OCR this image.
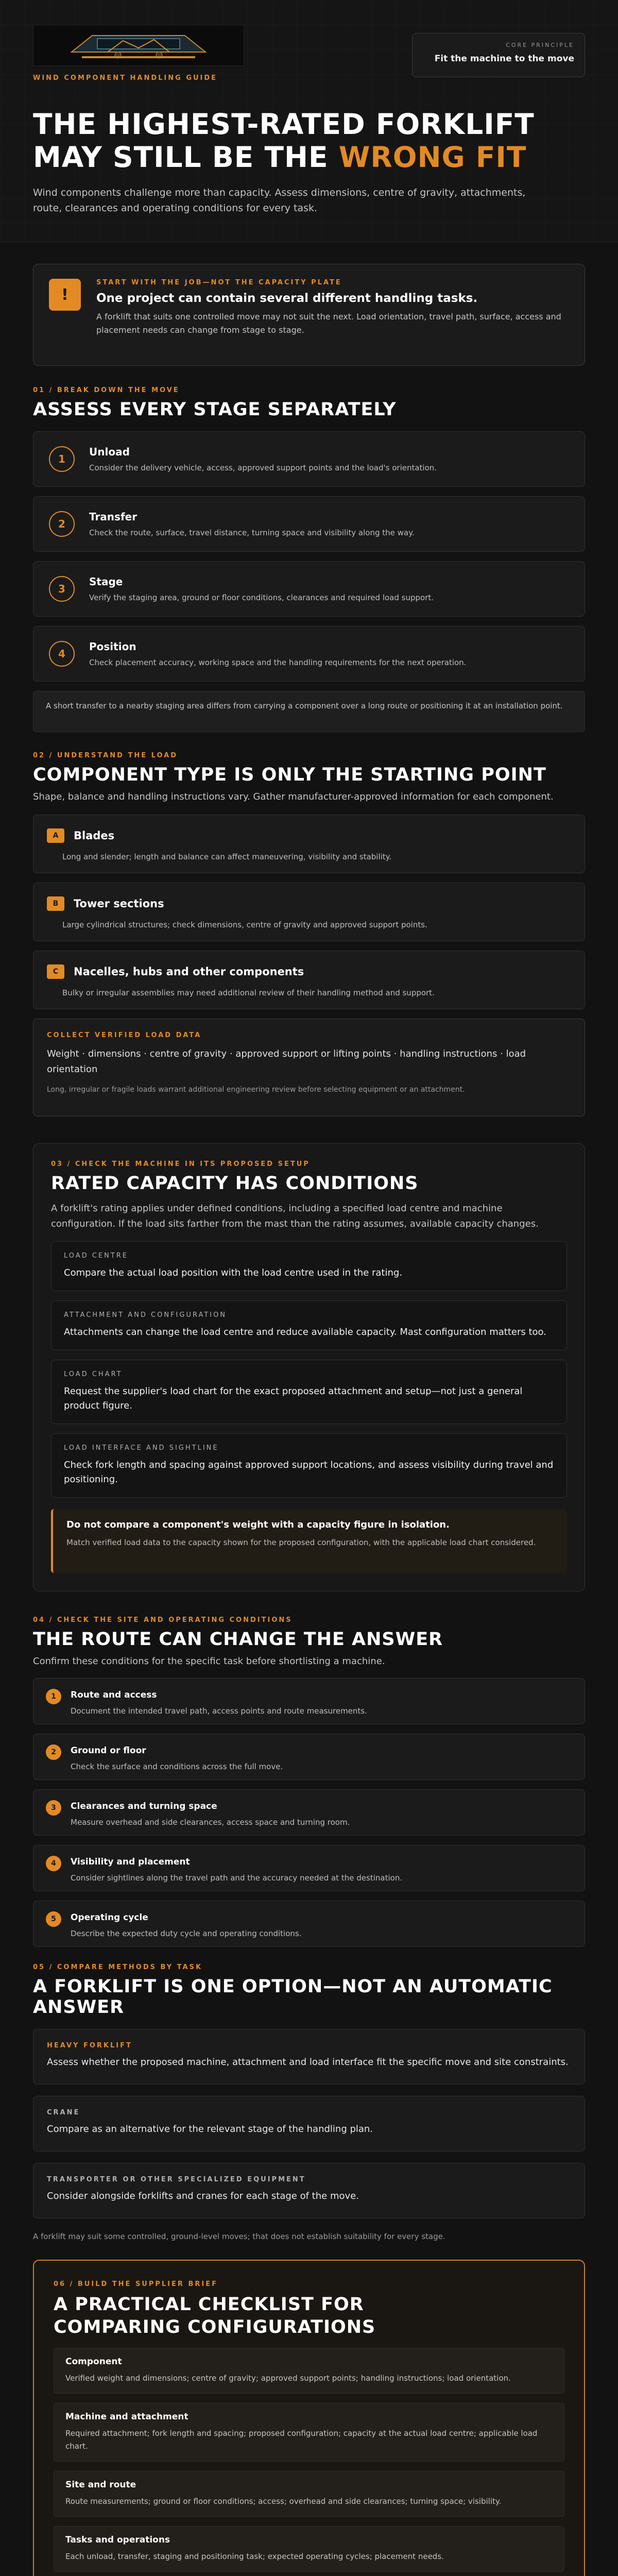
WIND COMPONENT HANDLING GUIDE
CORE PRINCIPLE
Fit the machine to the move
THE HIGHEST-RATED FORKLIFT
MAY STILL BE THE WRONG FIT

Wind components challenge more than capacity. Assess dimensions, centre of gravity, attachments, route, clearances and operating conditions for every task.

!
START WITH THE JOB—NOT THE CAPACITY PLATE
One project can contain several different handling tasks.
A forklift that suits one controlled move may not suit the next. Load orientation, travel path, surface, access and placement needs can change from stage to stage.
01 / BREAK DOWN THE MOVE
ASSESS EVERY STAGE SEPARATELY
1
Unload
Consider the delivery vehicle, access, approved support points and the load's orientation.
2
Transfer
Check the route, surface, travel distance, turning space and visibility along the way.
3
Stage
Verify the staging area, ground or floor conditions, clearances and required load support.
4
Position
Check placement accuracy, working space and the handling requirements for the next operation.
A short transfer to a nearby staging area differs from carrying a component over a long route or positioning it at an installation point.
02 / UNDERSTAND THE LOAD
COMPONENT TYPE IS ONLY THE STARTING POINT

Shape, balance and handling instructions vary. Gather manufacturer-approved information for each component.

A	Blades
Long and slender; length and balance can affect maneuvering, visibility and stability.
B	Tower sections
Large cylindrical structures; check dimensions, centre of gravity and approved support points.
C	Nacelles, hubs and other components
Bulky or irregular assemblies may need additional review of their handling method and support.
COLLECT VERIFIED LOAD DATA
Weight · dimensions · centre of gravity · approved support or lifting points · handling instructions · load orientation
Long, irregular or fragile loads warrant additional engineering review before selecting equipment or an attachment.
03 / CHECK THE MACHINE IN ITS PROPOSED SETUP
RATED CAPACITY HAS CONDITIONS

A forklift's rating applies under defined conditions, including a specified load centre and machine configuration. If the load sits farther from the mast than the rating assumes, available capacity changes.

LOAD CENTRE
Compare the actual load position with the load centre used in the rating.
ATTACHMENT AND CONFIGURATION
Attachments can change the load centre and reduce available capacity. Mast configuration matters too.
LOAD CHART
Request the supplier's load chart for the exact proposed attachment and setup—not just a general product figure.
LOAD INTERFACE AND SIGHTLINE
Check fork length and spacing against approved support locations, and assess visibility during travel and positioning.
Do not compare a component's weight with a capacity figure in isolation.
Match verified load data to the capacity shown for the proposed configuration, with the applicable load chart considered.
04 / CHECK THE SITE AND OPERATING CONDITIONS
THE ROUTE CAN CHANGE THE ANSWER

Confirm these conditions for the specific task before shortlisting a machine.

1	Route and access
Document the intended travel path, access points and route measurements.
2	Ground or floor
Check the surface and conditions across the full move.
3	Clearances and turning space
Measure overhead and side clearances, access space and turning room.
4	Visibility and placement
Consider sightlines along the travel path and the accuracy needed at the destination.
5	Operating cycle
Describe the expected duty cycle and operating conditions.
05 / COMPARE METHODS BY TASK
A FORKLIFT IS ONE OPTION—NOT AN AUTOMATIC ANSWER
HEAVY FORKLIFT
Assess whether the proposed machine, attachment and load interface fit the specific move and site constraints.
CRANE
Compare as an alternative for the relevant stage of the handling plan.
TRANSPORTER OR OTHER SPECIALIZED EQUIPMENT
Consider alongside forklifts and cranes for each stage of the move.

A forklift may suit some controlled, ground-level moves; that does not establish suitability for every stage.

06 / BUILD THE SUPPLIER BRIEF
A PRACTICAL CHECKLIST FOR COMPARING CONFIGURATIONS
Component
Verified weight and dimensions; centre of gravity; approved support points; handling instructions; load orientation.
Machine and attachment
Required attachment; fork length and spacing; proposed configuration; capacity at the actual load centre; applicable load chart.
Site and route
Route measurements; ground or floor conditions; access; overhead and side clearances; turning space; visibility.
Tasks and operations
Each unload, transfer, staging and positioning task; expected operating cycles; placement needs.
